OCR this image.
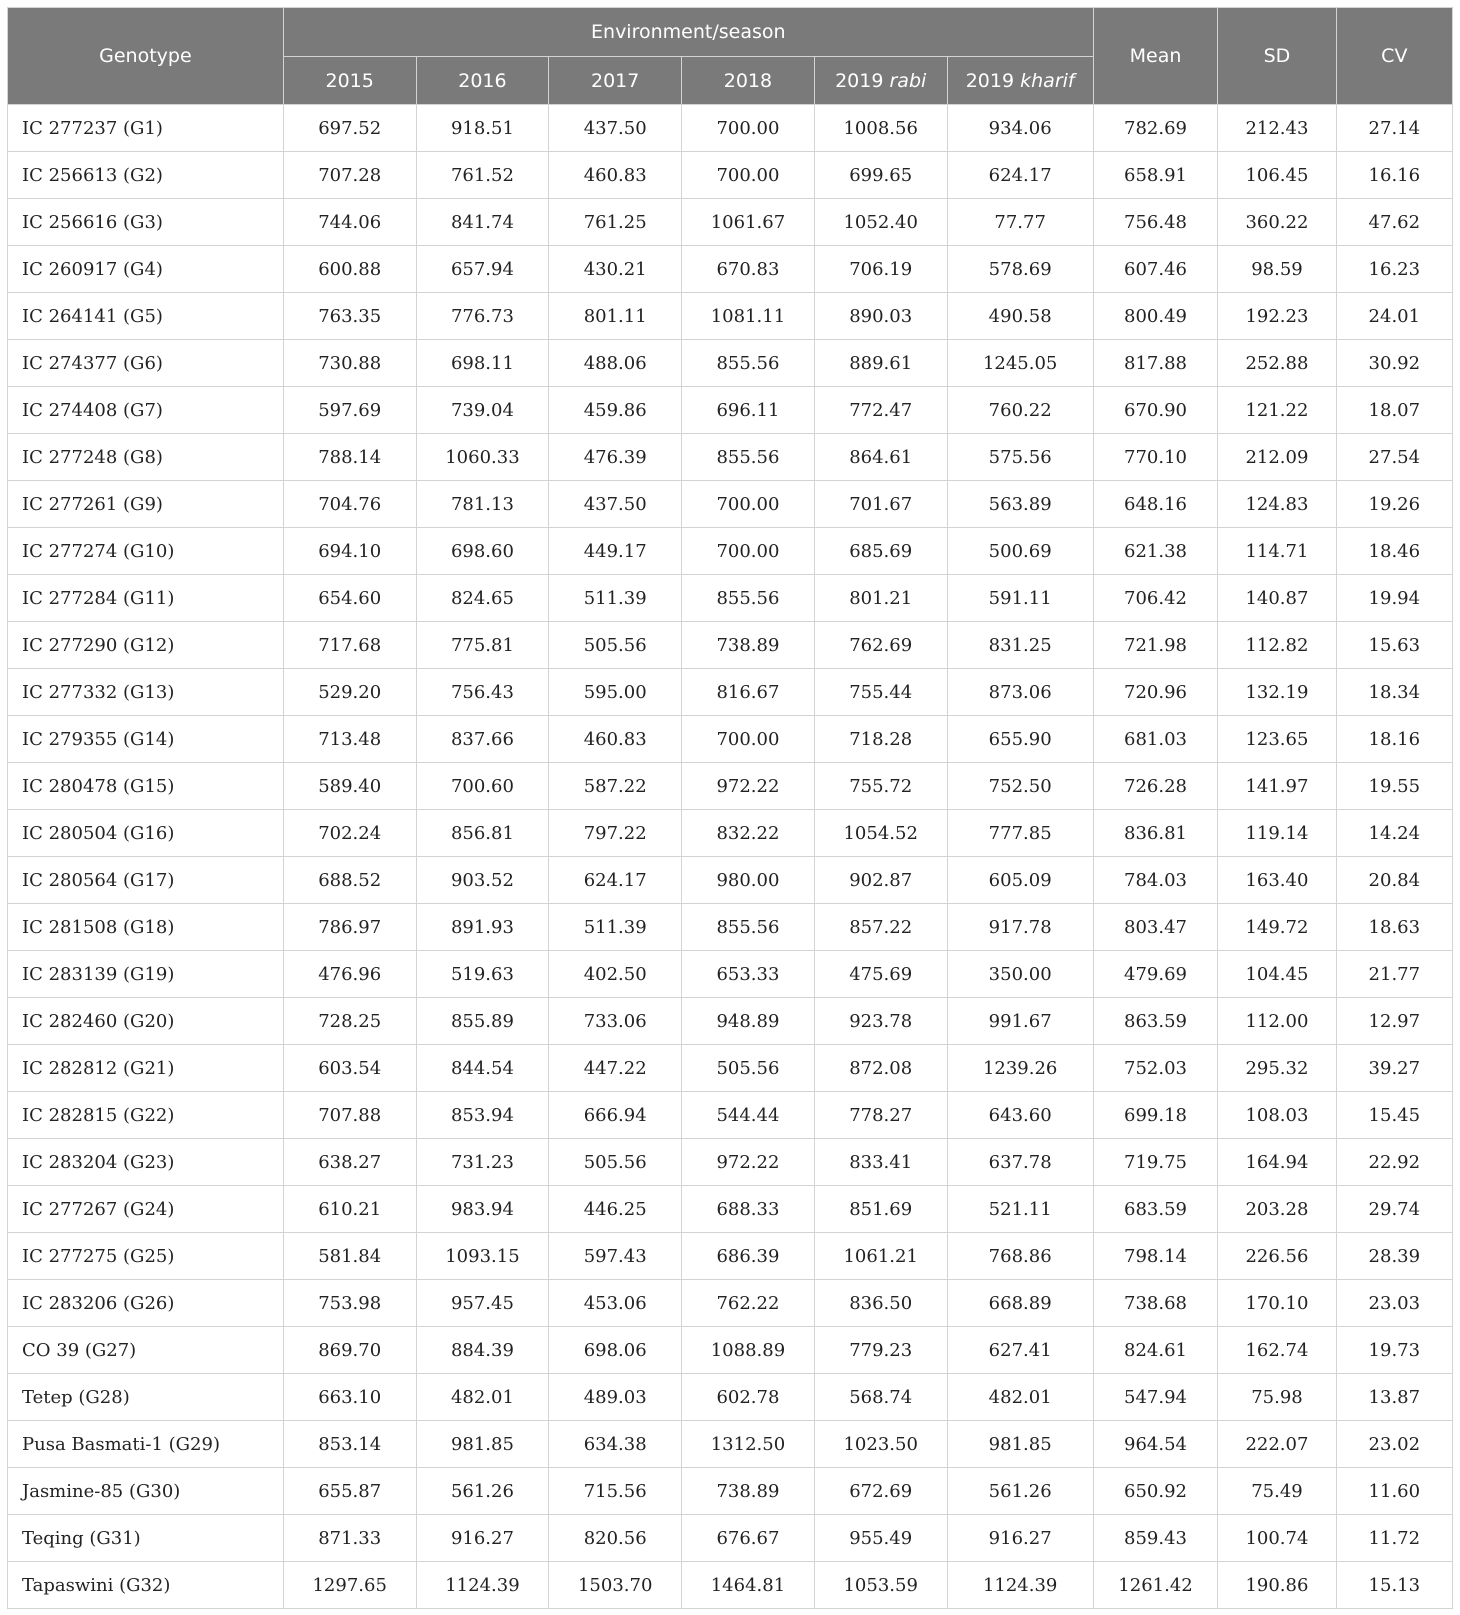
Genotype	Environment/season						Mean	SD	CV
	2015	2016	2017	2018	2019 rabi	2019 kharif			
IC 277237 (G1)	697.52	918.51	437.50	700.00	1008.56	934.06	782.69	212.43	27.14
IC 256613 (G2)	707.28	761.52	460.83	700.00	699.65	624.17	658.91	106.45	16.16
IC 256616 (G3)	744.06	841.74	761.25	1061.67	1052.40	77.77	756.48	360.22	47.62
IC 260917 (G4)	600.88	657.94	430.21	670.83	706.19	578.69	607.46	98.59	16.23
IC 264141 (G5)	763.35	776.73	801.11	1081.11	890.03	490.58	800.49	192.23	24.01
IC 274377 (G6)	730.88	698.11	488.06	855.56	889.61	1245.05	817.88	252.88	30.92
IC 274408 (G7)	597.69	739.04	459.86	696.11	772.47	760.22	670.90	121.22	18.07
IC 277248 (G8)	788.14	1060.33	476.39	855.56	864.61	575.56	770.10	212.09	27.54
IC 277261 (G9)	704.76	781.13	437.50	700.00	701.67	563.89	648.16	124.83	19.26
IC 277274 (G10)	694.10	698.60	449.17	700.00	685.69	500.69	621.38	114.71	18.46
IC 277284 (G11)	654.60	824.65	511.39	855.56	801.21	591.11	706.42	140.87	19.94
IC 277290 (G12)	717.68	775.81	505.56	738.89	762.69	831.25	721.98	112.82	15.63
IC 277332 (G13)	529.20	756.43	595.00	816.67	755.44	873.06	720.96	132.19	18.34
IC 279355 (G14)	713.48	837.66	460.83	700.00	718.28	655.90	681.03	123.65	18.16
IC 280478 (G15)	589.40	700.60	587.22	972.22	755.72	752.50	726.28	141.97	19.55
IC 280504 (G16)	702.24	856.81	797.22	832.22	1054.52	777.85	836.81	119.14	14.24
IC 280564 (G17)	688.52	903.52	624.17	980.00	902.87	605.09	784.03	163.40	20.84
IC 281508 (G18)	786.97	891.93	511.39	855.56	857.22	917.78	803.47	149.72	18.63
IC 283139 (G19)	476.96	519.63	402.50	653.33	475.69	350.00	479.69	104.45	21.77
IC 282460 (G20)	728.25	855.89	733.06	948.89	923.78	991.67	863.59	112.00	12.97
IC 282812 (G21)	603.54	844.54	447.22	505.56	872.08	1239.26	752.03	295.32	39.27
IC 282815 (G22)	707.88	853.94	666.94	544.44	778.27	643.60	699.18	108.03	15.45
IC 283204 (G23)	638.27	731.23	505.56	972.22	833.41	637.78	719.75	164.94	22.92
IC 277267 (G24)	610.21	983.94	446.25	688.33	851.69	521.11	683.59	203.28	29.74
IC 277275 (G25)	581.84	1093.15	597.43	686.39	1061.21	768.86	798.14	226.56	28.39
IC 283206 (G26)	753.98	957.45	453.06	762.22	836.50	668.89	738.68	170.10	23.03
CO 39 (G27)	869.70	884.39	698.06	1088.89	779.23	627.41	824.61	162.74	19.73
Tetep (G28)	663.10	482.01	489.03	602.78	568.74	482.01	547.94	75.98	13.87
Pusa Basmati-1 (G29)	853.14	981.85	634.38	1312.50	1023.50	981.85	964.54	222.07	23.02
Jasmine-85 (G30)	655.87	561.26	715.56	738.89	672.69	561.26	650.92	75.49	11.60
Teqing (G31)	871.33	916.27	820.56	676.67	955.49	916.27	859.43	100.74	11.72
Tapaswini (G32)	1297.65	1124.39	1503.70	1464.81	1053.59	1124.39	1261.42	190.86	15.13
